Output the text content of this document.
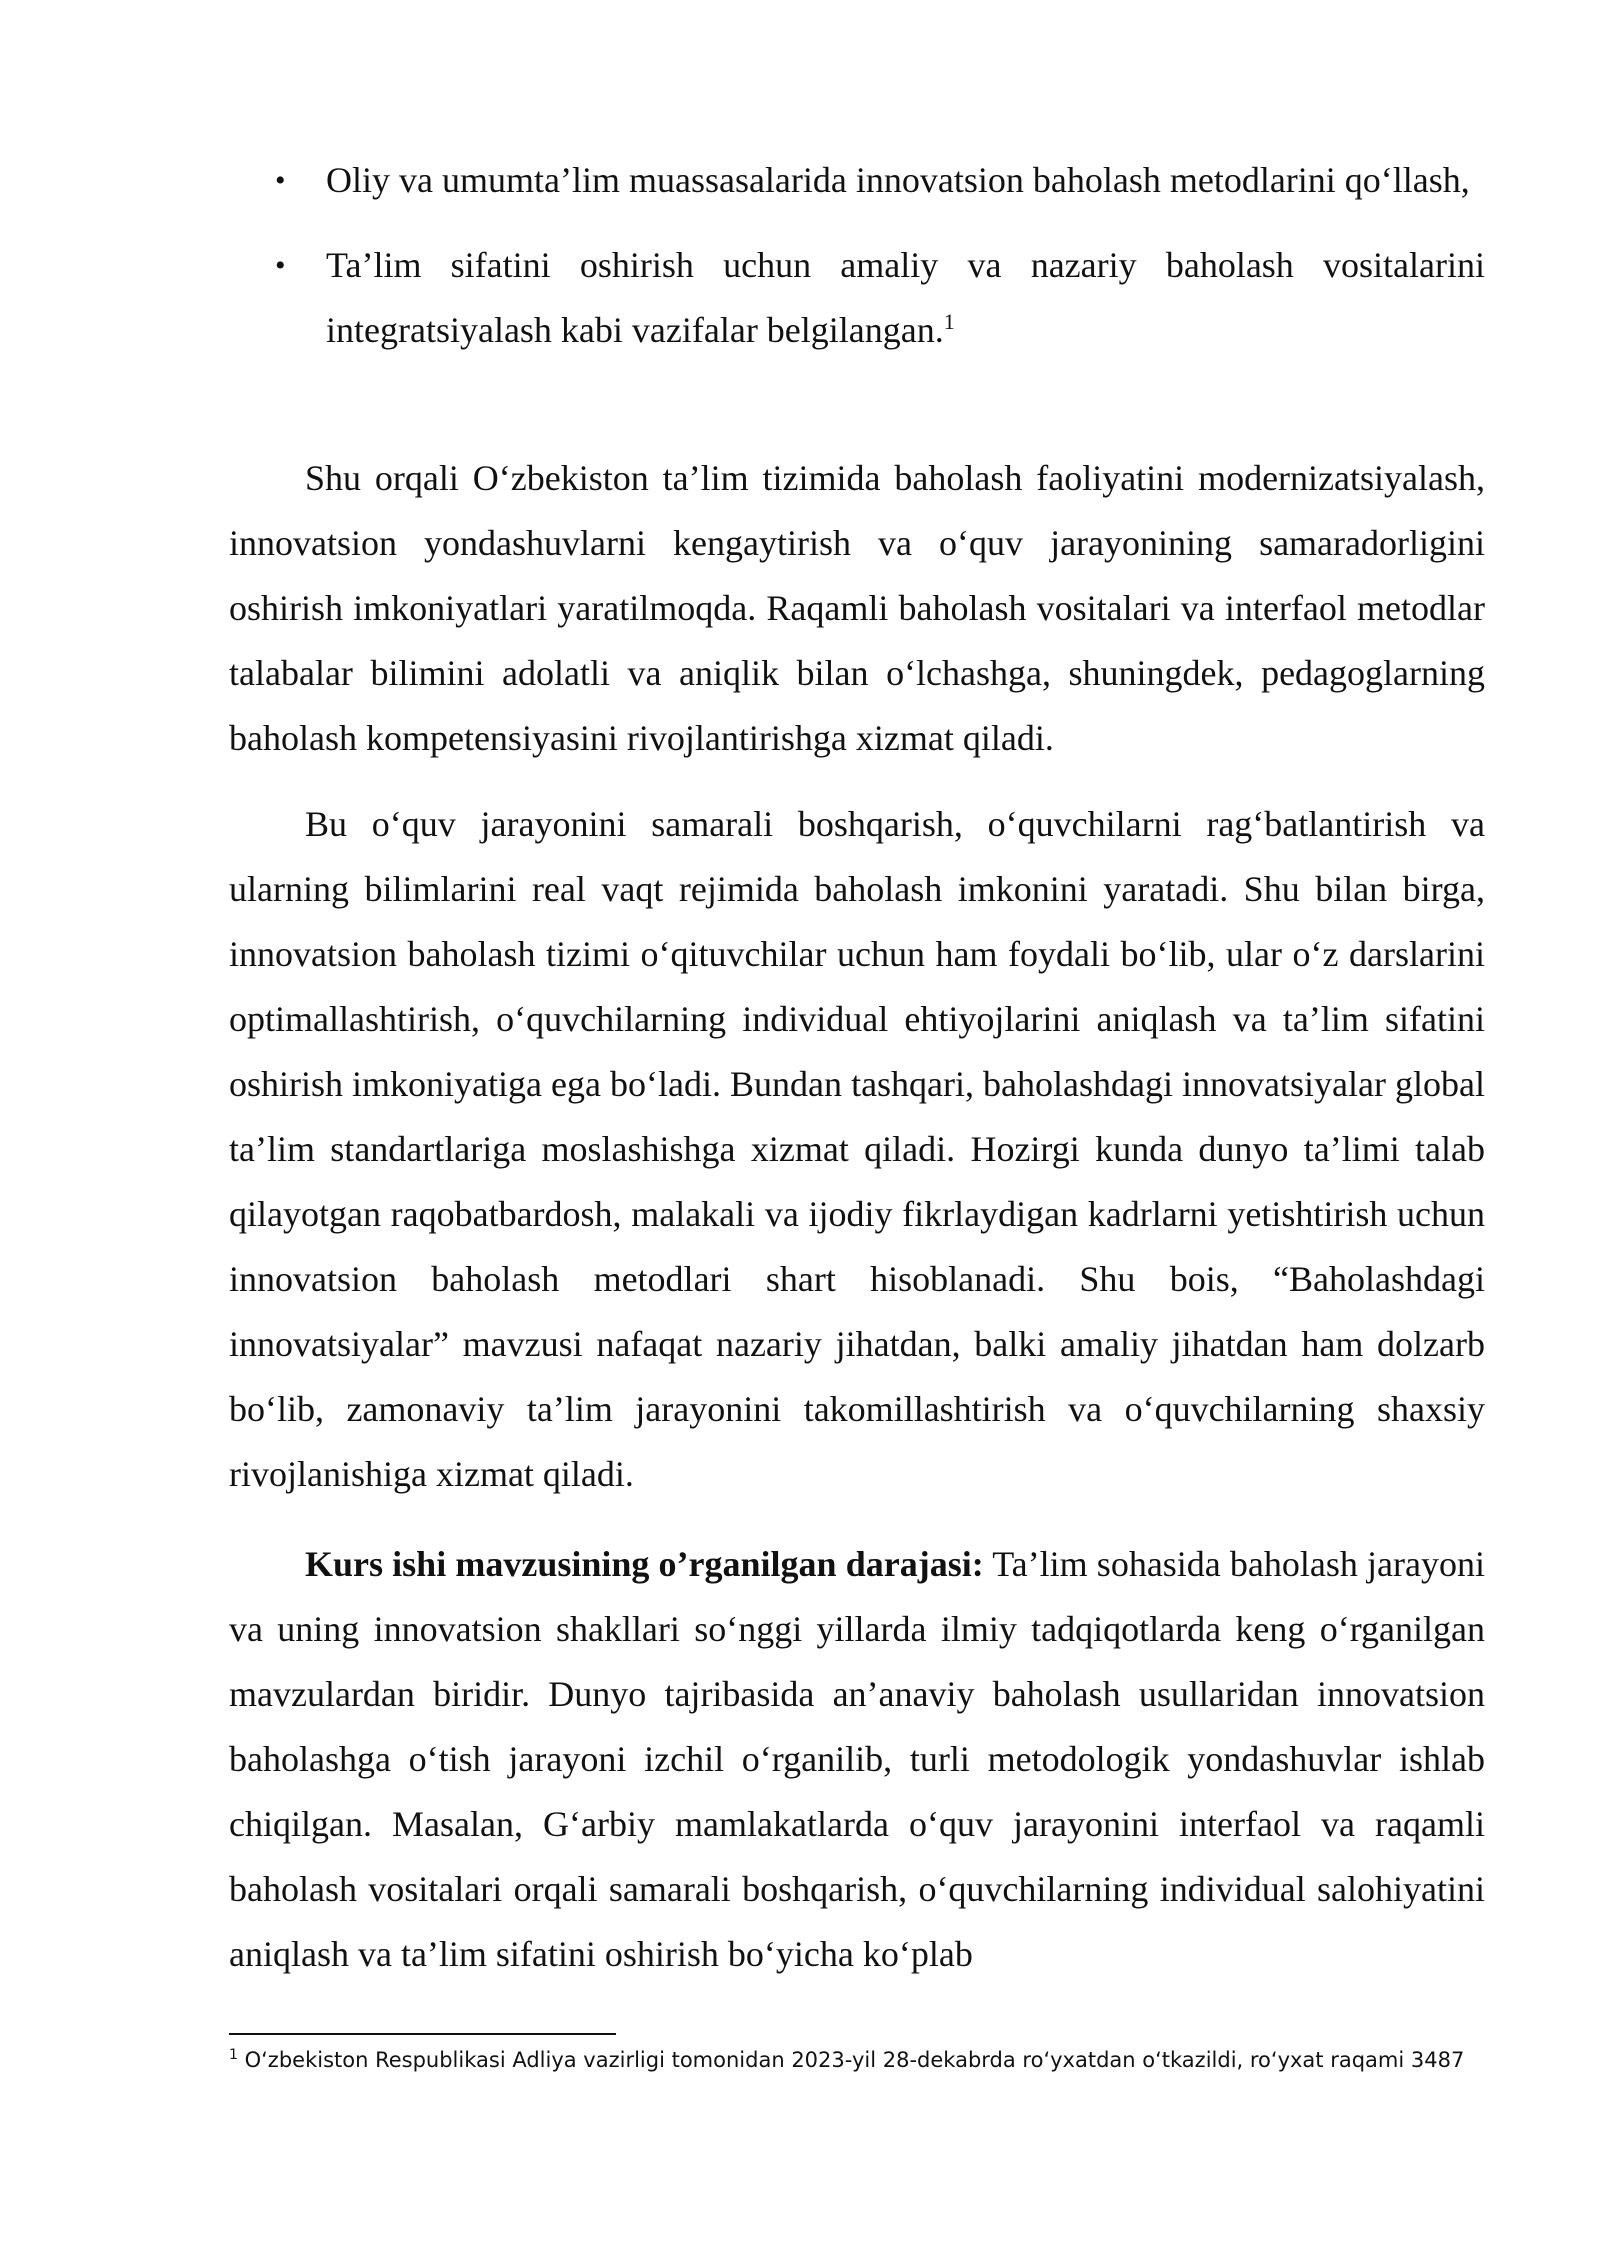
• Oliy va umumta’lim muassasalarida innovatsion baholash metodlarini qo‘llash,
• Ta’lim sifatini oshirish uchun amaliy va nazariy baholash vositalarini integratsiyalash kabi vazifalar belgilangan.$^1$

Shu orqali O‘zbekiston ta’lim tizimida baholash faoliyatini modernizatsiyalash, innovatsion yondashuvlarni kengaytirish va o‘quv jarayonining samaradorligini oshirish imkoniyatlari yaratilmoqda. Raqamli baholash vositalari va interfaol metodlar talabalar bilimini adolatli va aniqlik bilan o‘lchashga, shuningdek, pedagoglarning baholash kompetensiyasini rivojlantirishga xizmat qiladi.

Bu o‘quv jarayonini samarali boshqarish, o‘quvchilarni rag‘batlantirish va ularning bilimlarini real vaqt rejimida baholash imkonini yaratadi. Shu bilan birga, innovatsion baholash tizimi o‘qituvchilar uchun ham foydali bo‘lib, ular o‘z darslarini optimallashtirish, o‘quvchilarning individual ehtiyojlarini aniqlash va ta’lim sifatini oshirish imkoniyatiga ega bo‘ladi. Bundan tashqari, baholashdagi innovatsiyalar global ta’lim standartlariga moslashishga xizmat qiladi. Hozirgi kunda dunyo ta’limi talab qilayotgan raqobatbardosh, malakali va ijodiy fikrlaydigan kadrlarni yetishtirish uchun innovatsion baholash metodlari shart hisoblanadi. Shu bois, “Baholashdagi innovatsiyalar” mavzusi nafaqat nazariy jihatdan, balki amaliy jihatdan ham dolzarb bo‘lib, zamonaviy ta’lim jarayonini takomillashtirish va o‘quvchilarning shaxsiy rivojlanishiga xizmat qiladi.

Kurs ishi mavzusining o’rganilgan darajasi: Ta’lim sohasida baholash jarayoni va uning innovatsion shakllari so‘nggi yillarda ilmiy tadqiqotlarda keng o‘rganilgan mavzulardan biridir. Dunyo tajribasida an’anaviy baholash usullaridan innovatsion baholashga o‘tish jarayoni izchil o‘rganilib, turli metodologik yondashuvlar ishlab chiqilgan. Masalan, G‘arbiy mamlakatlarda o‘quv jarayonini interfaol va raqamli baholash vositalari orqali samarali boshqarish, o‘quvchilarning individual salohiyatini aniqlash va ta’lim sifatini oshirish bo‘yicha ko‘plab

$^1$ O‘zbekiston Respublikasi Adliya vazirligi tomonidan 2023-yil 28-dekabrda ro‘yxatdan o‘tkazildi, ro‘yxat raqami 3487
